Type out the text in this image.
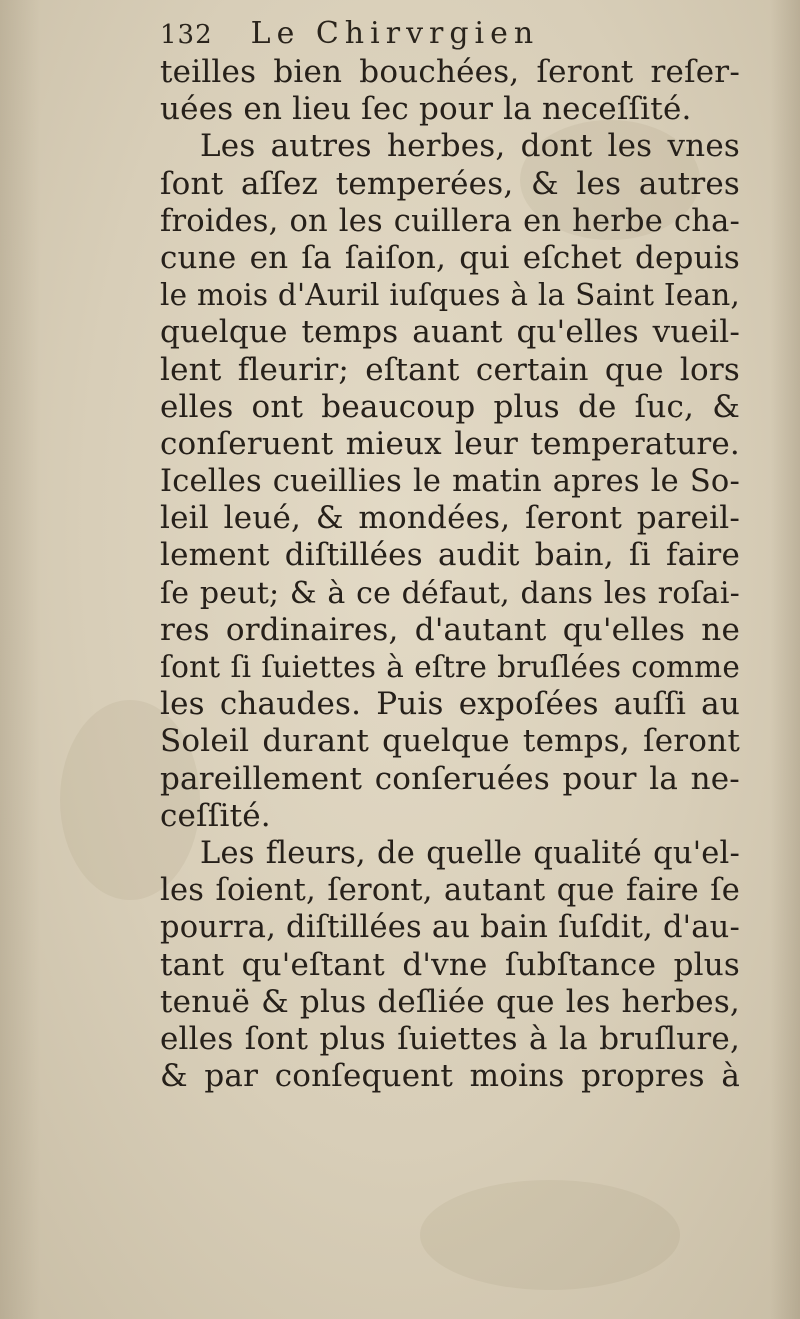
132 Le Chirvrgien
teilles bien bouchées, ſeront reſer-
uées en lieu ſec pour la neceſſité.
Les autres herbes, dont les vnes
ſont aſſez temperées, & les autres
froides, on les cuillera en herbe cha-
cune en ſa ſaiſon, qui eſchet depuis
le mois d'Auril iuſques à la Saint Iean,
quelque temps auant qu'elles vueil-
lent fleurir; eſtant certain que lors
elles ont beaucoup plus de ſuc, &
conſeruent mieux leur temperature.
Icelles cueillies le matin apres le So-
leil leué, & mondées, ſeront pareil-
lement diſtillées audit bain, ſi faire
ſe peut; & à ce défaut, dans les roſai-
res ordinaires, d'autant qu'elles ne
ſont ſi ſuiettes à eſtre bruſlées comme
les chaudes. Puis expoſées auſſi au
Soleil durant quelque temps, ſeront
pareillement conſeruées pour la ne-
ceſſité.
Les fleurs, de quelle qualité qu'el-
les ſoient, ſeront, autant que faire ſe
pourra, diſtillées au bain ſuſdit, d'au-
tant qu'eſtant d'vne ſubſtance plus
tenuë & plus deſliée que les herbes,
elles ſont plus ſuiettes à la bruſlure,
& par conſequent moins propres à
